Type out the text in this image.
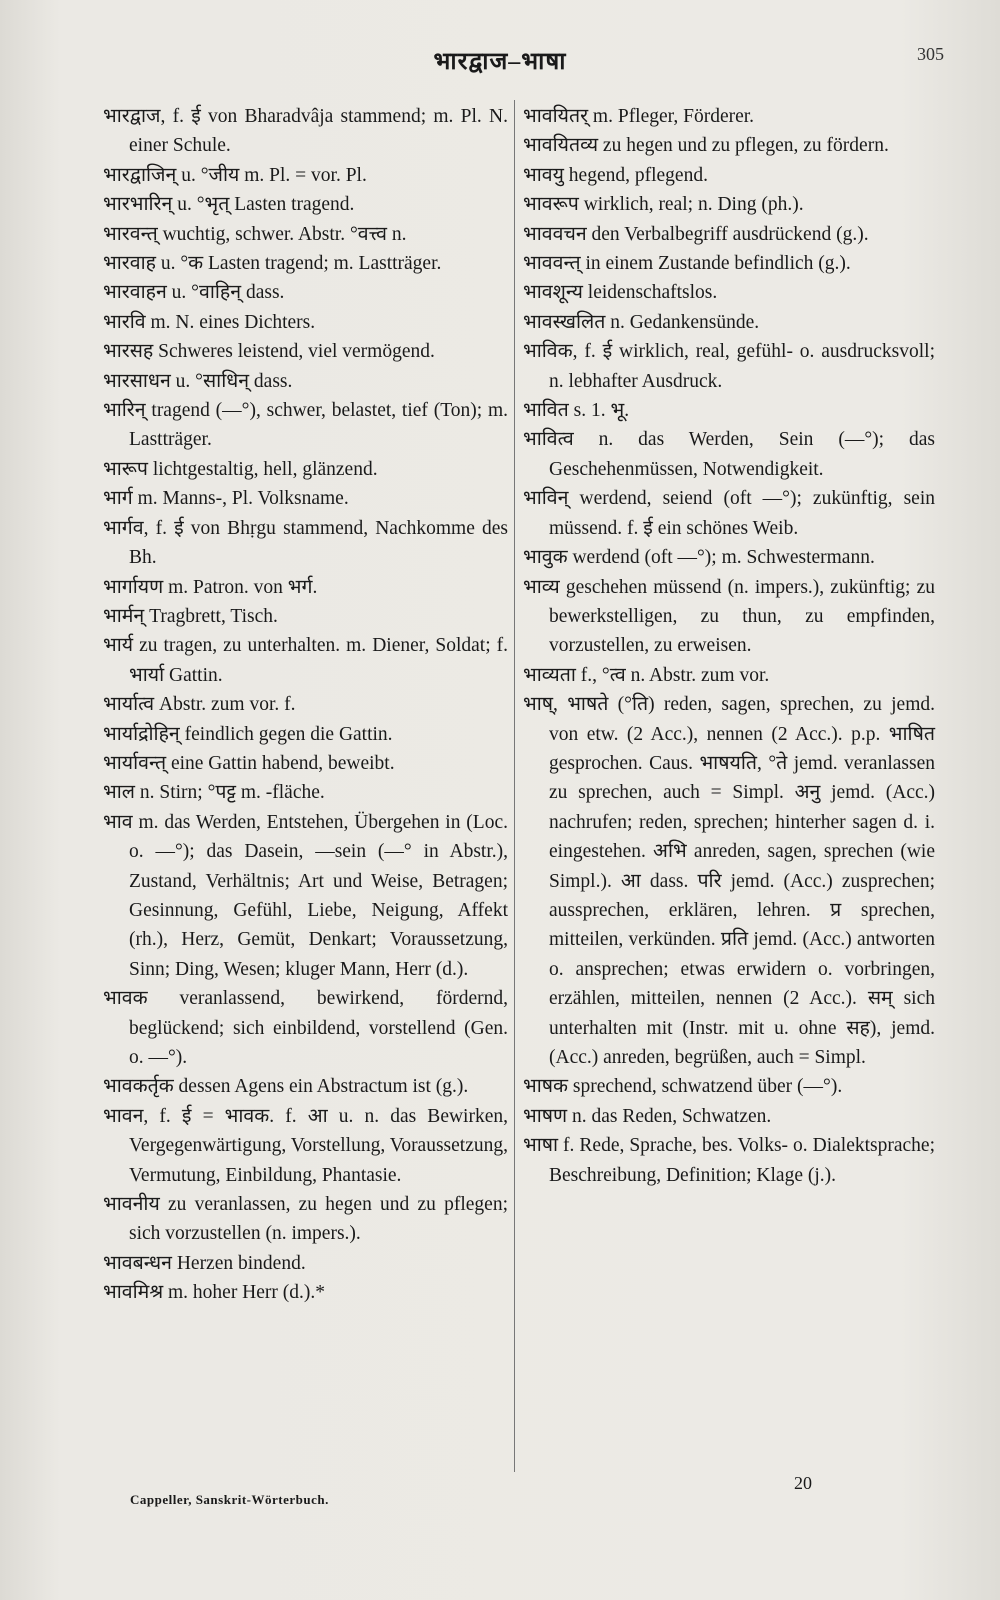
भारद्वाज–भाषा	305
भारद्वाज, f. ई von Bharadvâja stammend; m. Pl. N. einer Schule.
भारद्वाजिन् u. °जीय m. Pl. = vor. Pl.
भारभारिन् u. °भृत् Lasten tragend.
भारवन्त् wuchtig, schwer. Abstr. °वत्त्व n.
भारवाह u. °क Lasten tragend; m. Lastträger.
भारवाहन u. °वाहिन् dass.
भारवि m. N. eines Dichters.
भारसह Schweres leistend, viel vermögend.
भारसाधन u. °साधिन् dass.
भारिन् tragend (—°), schwer, belastet, tief (Ton); m. Lastträger.
भारूप lichtgestaltig, hell, glänzend.
भार्ग m. Manns-, Pl. Volksname.
भार्गव, f. ई von Bhṛgu stammend, Nachkomme des Bh.
भार्गायण m. Patron. von भर्ग.
भार्मन् Tragbrett, Tisch.
भार्य zu tragen, zu unterhalten. m. Diener, Soldat; f. भार्या Gattin.
भार्यात्व Abstr. zum vor. f.
भार्याद्रोहिन् feindlich gegen die Gattin.
भार्यावन्त् eine Gattin habend, beweibt.
भाल n. Stirn; °पट्ट m. -fläche.
भाव m. das Werden, Entstehen, Übergehen in (Loc. o. —°); das Dasein, —sein (—° in Abstr.), Zustand, Verhältnis; Art und Weise, Betragen; Gesinnung, Gefühl, Liebe, Neigung, Affekt (rh.), Herz, Gemüt, Denkart; Voraussetzung, Sinn; Ding, Wesen; kluger Mann, Herr (d.).
भावक veranlassend, bewirkend, fördernd, beglückend; sich einbildend, vorstellend (Gen. o. —°).
भावकर्तृक dessen Agens ein Abstractum ist (g.).
भावन, f. ई = भावक. f. आ u. n. das Bewirken, Vergegenwärtigung, Vorstellung, Voraussetzung, Vermutung, Einbildung, Phantasie.
भावनीय zu veranlassen, zu hegen und zu pflegen; sich vorzustellen (n. impers.).
भावबन्धन Herzen bindend.
भावमिश्र m. hoher Herr (d.).*
भावयितर् m. Pfleger, Förderer.
भावयितव्य zu hegen und zu pflegen, zu fördern.
भावयु hegend, pflegend.
भावरूप wirklich, real; n. Ding (ph.).
भाववचन den Verbalbegriff ausdrückend (g.).
भाववन्त् in einem Zustande befindlich (g.).
भावशून्य leidenschaftslos.
भावस्खलित n. Gedankensünde.
भाविक, f. ई wirklich, real, gefühl- o. ausdrucksvoll; n. lebhafter Ausdruck.
भावित s. 1. भू.
भावित्व n. das Werden, Sein (—°); das Geschehenmüssen, Notwendigkeit.
भाविन् werdend, seiend (oft —°); zukünftig, sein müssend. f. ई ein schönes Weib.
भावुक werdend (oft —°); m. Schwestermann.
भाव्य geschehen müssend (n. impers.), zukünftig; zu bewerkstelligen, zu thun, zu empfinden, vorzustellen, zu erweisen.
भाव्यता f., °त्व n. Abstr. zum vor.
भाष्, भाषते (°ति) reden, sagen, sprechen, zu jemd. von etw. (2 Acc.), nennen (2 Acc.). p.p. भाषित gesprochen. Caus. भाषयति, °ते jemd. veranlassen zu sprechen, auch = Simpl. अनु jemd. (Acc.) nachrufen; reden, sprechen; hinterher sagen d. i. eingestehen. अभि anreden, sagen, sprechen (wie Simpl.). आ dass. परि jemd. (Acc.) zusprechen; aussprechen, erklären, lehren. प्र sprechen, mitteilen, verkünden. प्रति jemd. (Acc.) antworten o. ansprechen; etwas erwidern o. vorbringen, erzählen, mitteilen, nennen (2 Acc.). सम् sich unterhalten mit (Instr. mit u. ohne सह), jemd. (Acc.) anreden, begrüßen, auch = Simpl.
भाषक sprechend, schwatzend über (—°).
भाषण n. das Reden, Schwatzen.
भाषा f. Rede, Sprache, bes. Volks- o. Dialektsprache; Beschreibung, Definition; Klage (j.).
Cappeller, Sanskrit-Wörterbuch.
20
